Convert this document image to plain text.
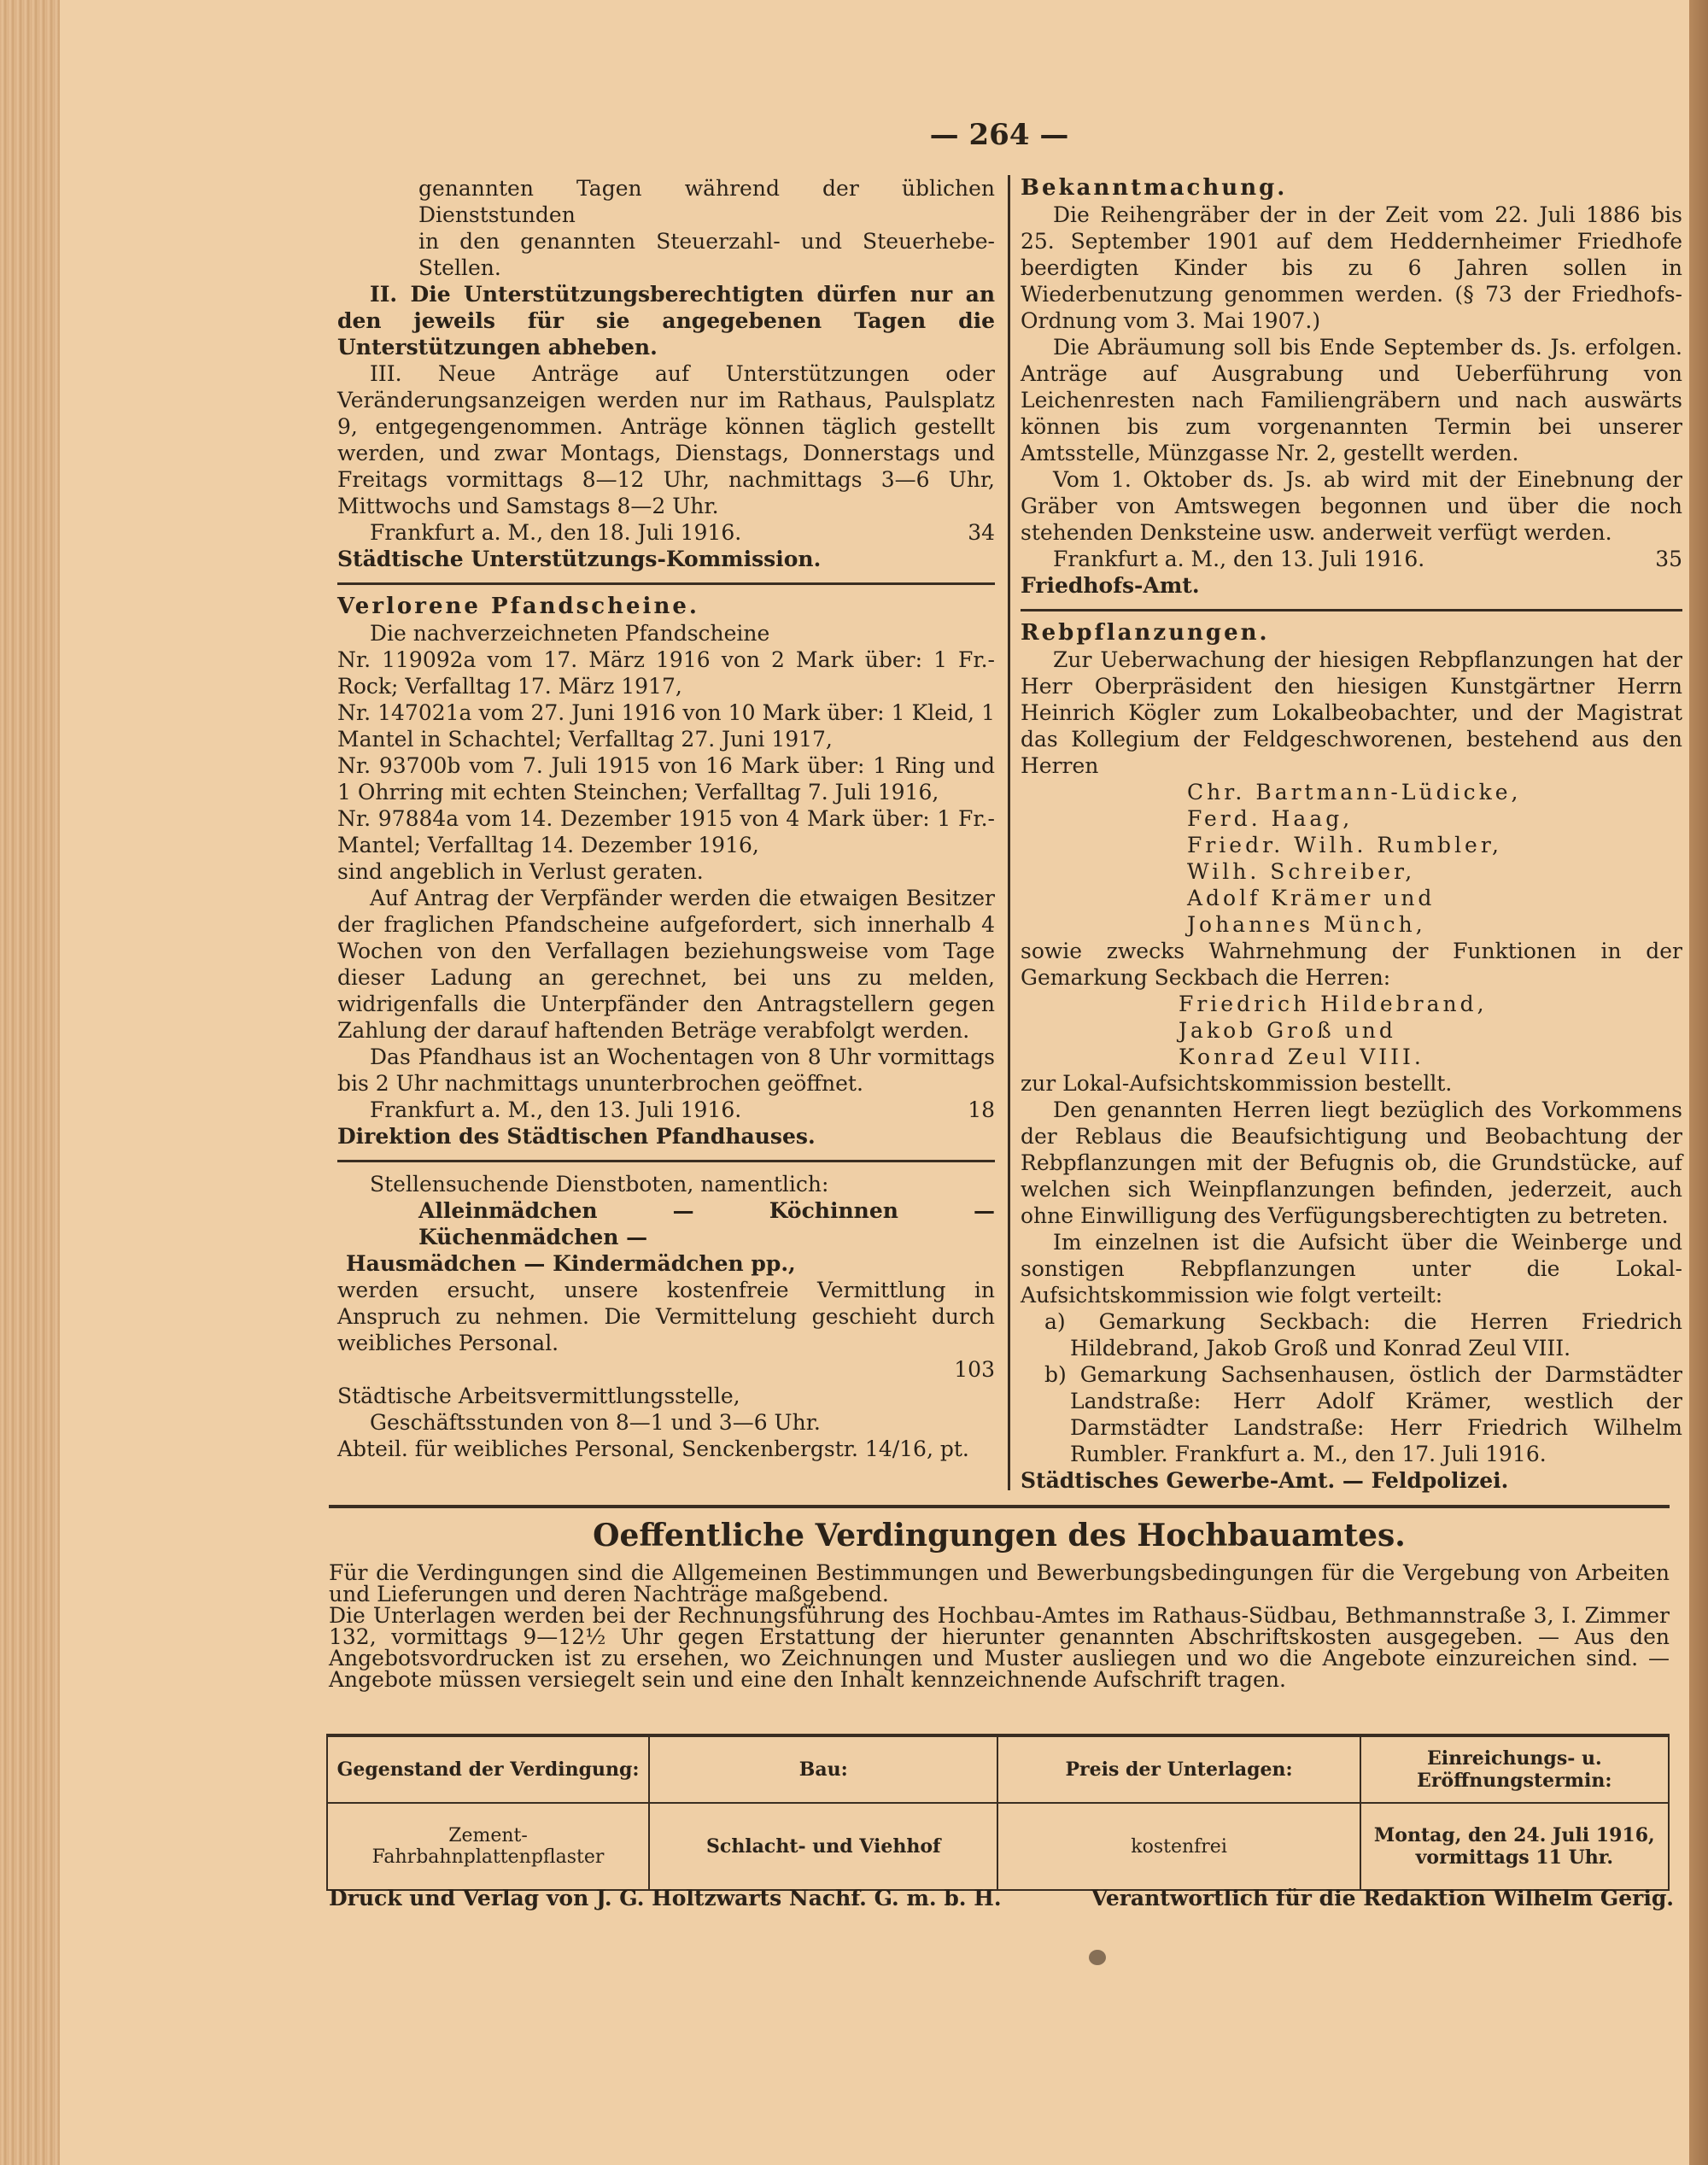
— 264 —

genannten Tagen während der üblichen Dienststunden

in den genannten Steuerzahl- und Steuerhebe-Stellen.

II. Die Unterstützungsberechtigten dürfen nur an den jeweils für sie angegebenen Tagen die Unterstützungen abheben.

III. Neue Anträge auf Unterstützungen oder Veränderungsanzeigen werden nur im Rathaus, Paulsplatz 9, entgegengenommen. Anträge können täglich gestellt werden, und zwar Montags, Dienstags, Donnerstags und Freitags vormittags 8—12 Uhr, nachmittags 3—6 Uhr, Mittwochs und Samstags 8—2 Uhr.

Frankfurt a. M., den 18. Juli 1916.	34

Städtische Unterstützungs-Kommission.

Verlorene Pfandscheine.

Die nachverzeichneten Pfandscheine

Nr. 119092a vom 17. März 1916 von 2 Mark über: 1 Fr.-Rock; Verfalltag 17. März 1917,

Nr. 147021a vom 27. Juni 1916 von 10 Mark über: 1 Kleid, 1 Mantel in Schachtel; Verfalltag 27. Juni 1917,

Nr. 93700b vom 7. Juli 1915 von 16 Mark über: 1 Ring und 1 Ohrring mit echten Steinchen; Verfalltag 7. Juli 1916,

Nr. 97884a vom 14. Dezember 1915 von 4 Mark über: 1 Fr.-Mantel; Verfalltag 14. Dezember 1916,

sind angeblich in Verlust geraten.

Auf Antrag der Verpfänder werden die etwaigen Besitzer der fraglichen Pfandscheine aufgefordert, sich innerhalb 4 Wochen von den Verfallagen beziehungsweise vom Tage dieser Ladung an gerechnet, bei uns zu melden, widrigenfalls die Unterpfänder den Antragstellern gegen Zahlung der darauf haftenden Beträge verabfolgt werden.

Das Pfandhaus ist an Wochentagen von 8 Uhr vormittags bis 2 Uhr nachmittags ununterbrochen geöffnet.

Frankfurt a. M., den 13. Juli 1916.	18

Direktion des Städtischen Pfandhauses.

Stellensuchende Dienstboten, namentlich:

Alleinmädchen — Köchinnen — Küchenmädchen —

Hausmädchen — Kindermädchen pp.,

werden ersucht, unsere kostenfreie Vermittlung in Anspruch zu nehmen. Die Vermittelung geschieht durch weibliches Personal.

103

Städtische Arbeitsvermittlungsstelle,

Geschäftsstunden von 8—1 und 3—6 Uhr.

Abteil. für weibliches Personal, Senckenbergstr. 14/16, pt.

Bekanntmachung.

Die Reihengräber der in der Zeit vom 22. Juli 1886 bis 25. September 1901 auf dem Heddernheimer Friedhofe beerdigten Kinder bis zu 6 Jahren sollen in Wiederbenutzung genommen werden. (§ 73 der Friedhofs-Ordnung vom 3. Mai 1907.)

Die Abräumung soll bis Ende September ds. Js. erfolgen. Anträge auf Ausgrabung und Ueberführung von Leichenresten nach Familiengräbern und nach auswärts können bis zum vorgenannten Termin bei unserer Amtsstelle, Münzgasse Nr. 2, gestellt werden.

Vom 1. Oktober ds. Js. ab wird mit der Einebnung der Gräber von Amtswegen begonnen und über die noch stehenden Denksteine usw. anderweit verfügt werden.

Frankfurt a. M., den 13. Juli 1916.	35

Friedhofs-Amt.

Rebpflanzungen.

Zur Ueberwachung der hiesigen Rebpflanzungen hat der Herr Oberpräsident den hiesigen Kunstgärtner Herrn Heinrich Kögler zum Lokalbeobachter, und der Magistrat das Kollegium der Feldgeschworenen, bestehend aus den Herren

Chr. Bartmann-Lüdicke,

Ferd. Haag,

Friedr. Wilh. Rumbler,

Wilh. Schreiber,

Adolf Krämer und

Johannes Münch,

sowie zwecks Wahrnehmung der Funktionen in der Gemarkung Seckbach die Herren:

Friedrich Hildebrand,

Jakob Groß und

Konrad Zeul VIII.

zur Lokal-Aufsichtskommission bestellt.

Den genannten Herren liegt bezüglich des Vorkommens der Reblaus die Beaufsichtigung und Beobachtung der Rebpflanzungen mit der Befugnis ob, die Grundstücke, auf welchen sich Weinpflanzungen befinden, jederzeit, auch ohne Einwilligung des Verfügungsberechtigten zu betreten.

Im einzelnen ist die Aufsicht über die Weinberge und sonstigen Rebpflanzungen unter die Lokal-Aufsichtskommission wie folgt verteilt:

a) Gemarkung Seckbach: die Herren Friedrich Hildebrand, Jakob Groß und Konrad Zeul VIII.

b) Gemarkung Sachsenhausen, östlich der Darmstädter Landstraße: Herr Adolf Krämer, westlich der Darmstädter Landstraße: Herr Friedrich Wilhelm Rumbler. Frankfurt a. M., den 17. Juli 1916.

Städtisches Gewerbe-Amt. — Feldpolizei.

Oeffentliche Verdingungen des Hochbauamtes.

Für die Verdingungen sind die Allgemeinen Bestimmungen und Bewerbungsbedingungen für die Vergebung von Arbeiten und Lieferungen und deren Nachträge maßgebend.

Die Unterlagen werden bei der Rechnungsführung des Hochbau-Amtes im Rathaus-Südbau, Bethmannstraße 3, I. Zimmer 132, vormittags 9—12½ Uhr gegen Erstattung der hierunter genannten Abschriftskosten ausgegeben. — Aus den Angebotsvordrucken ist zu ersehen, wo Zeichnungen und Muster ausliegen und wo die Angebote einzureichen sind. — Angebote müssen versiegelt sein und eine den Inhalt kennzeichnende Aufschrift tragen.

Gegenstand der Verdingung:	Bau:	Preis der Unterlagen:	Einreichungs- u. Eröffnungstermin:
Zement-Fahrbahnplattenpflaster	Schlacht- und Viehhof	kostenfrei	Montag, den 24. Juli 1916, vormittags 11 Uhr.
Druck und Verlag von J. G. Holtzwarts Nachf. G. m. b. H.	Verantwortlich für die Redaktion Wilhelm Gerig.
